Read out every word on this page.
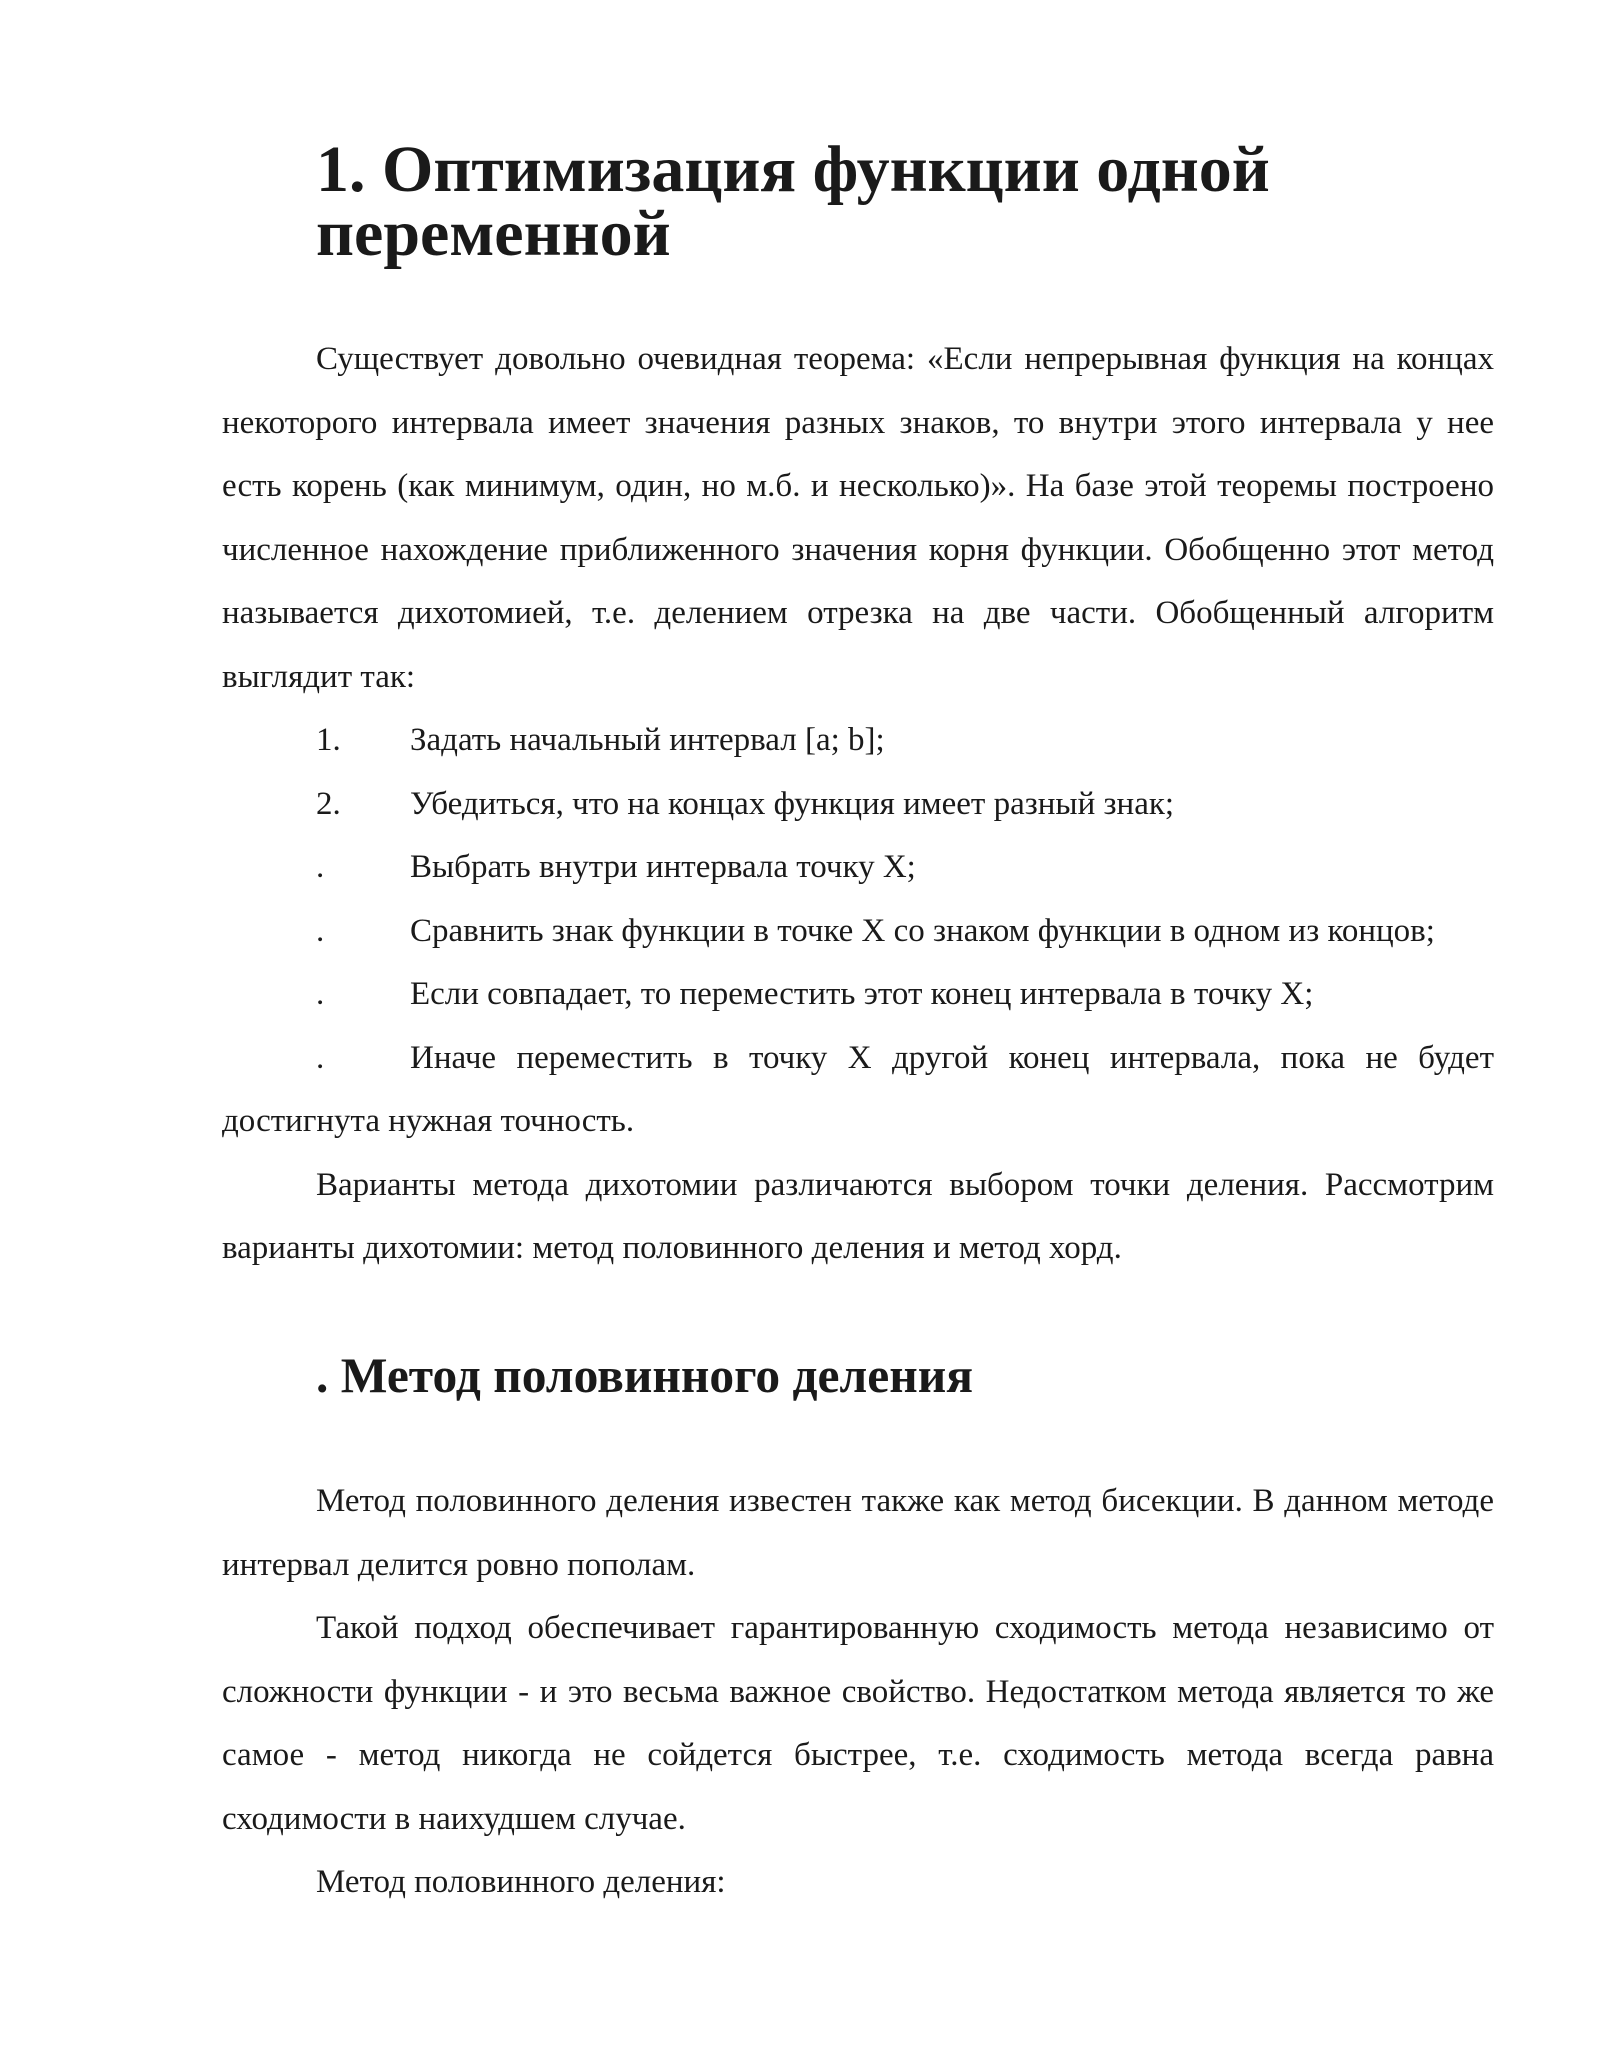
1. Оптимизация функции одной переменной

Существует довольно очевидная теорема: «Если непрерывная функция на концах некоторого интервала имеет значения разных знаков, то внутри этого интервала у нее есть корень (как минимум, один, но м.б. и несколько)». На базе этой теоремы построено численное нахождение приближенного значения корня функции. Обобщенно этот метод называется дихотомией, т.е. делением отрезка на две части. Обобщенный алгоритм выглядит так:

1. Задать начальный интервал [a; b];
2. Убедиться, что на концах функция имеет разный знак;
.	Выбрать внутри интервала точку X;
.	Сравнить знак функции в точке X со знаком функции в одном из концов;
.	Если совпадает, то переместить этот конец интервала в точку X;
.	Иначе переместить в точку X другой конец интервала, пока не будет достигнута нужная точность.

Варианты метода дихотомии различаются выбором точки деления. Рассмотрим варианты дихотомии: метод половинного деления и метод хорд.

. Метод половинного деления

Метод половинного деления известен также как метод бисекции. В данном методе интервал делится ровно пополам.

Такой подход обеспечивает гарантированную сходимость метода независимо от сложности функции - и это весьма важное свойство. Недостатком метода является то же самое - метод никогда не сойдется быстрее, т.е. сходимость метода всегда равна сходимости в наихудшем случае.

Метод половинного деления:
